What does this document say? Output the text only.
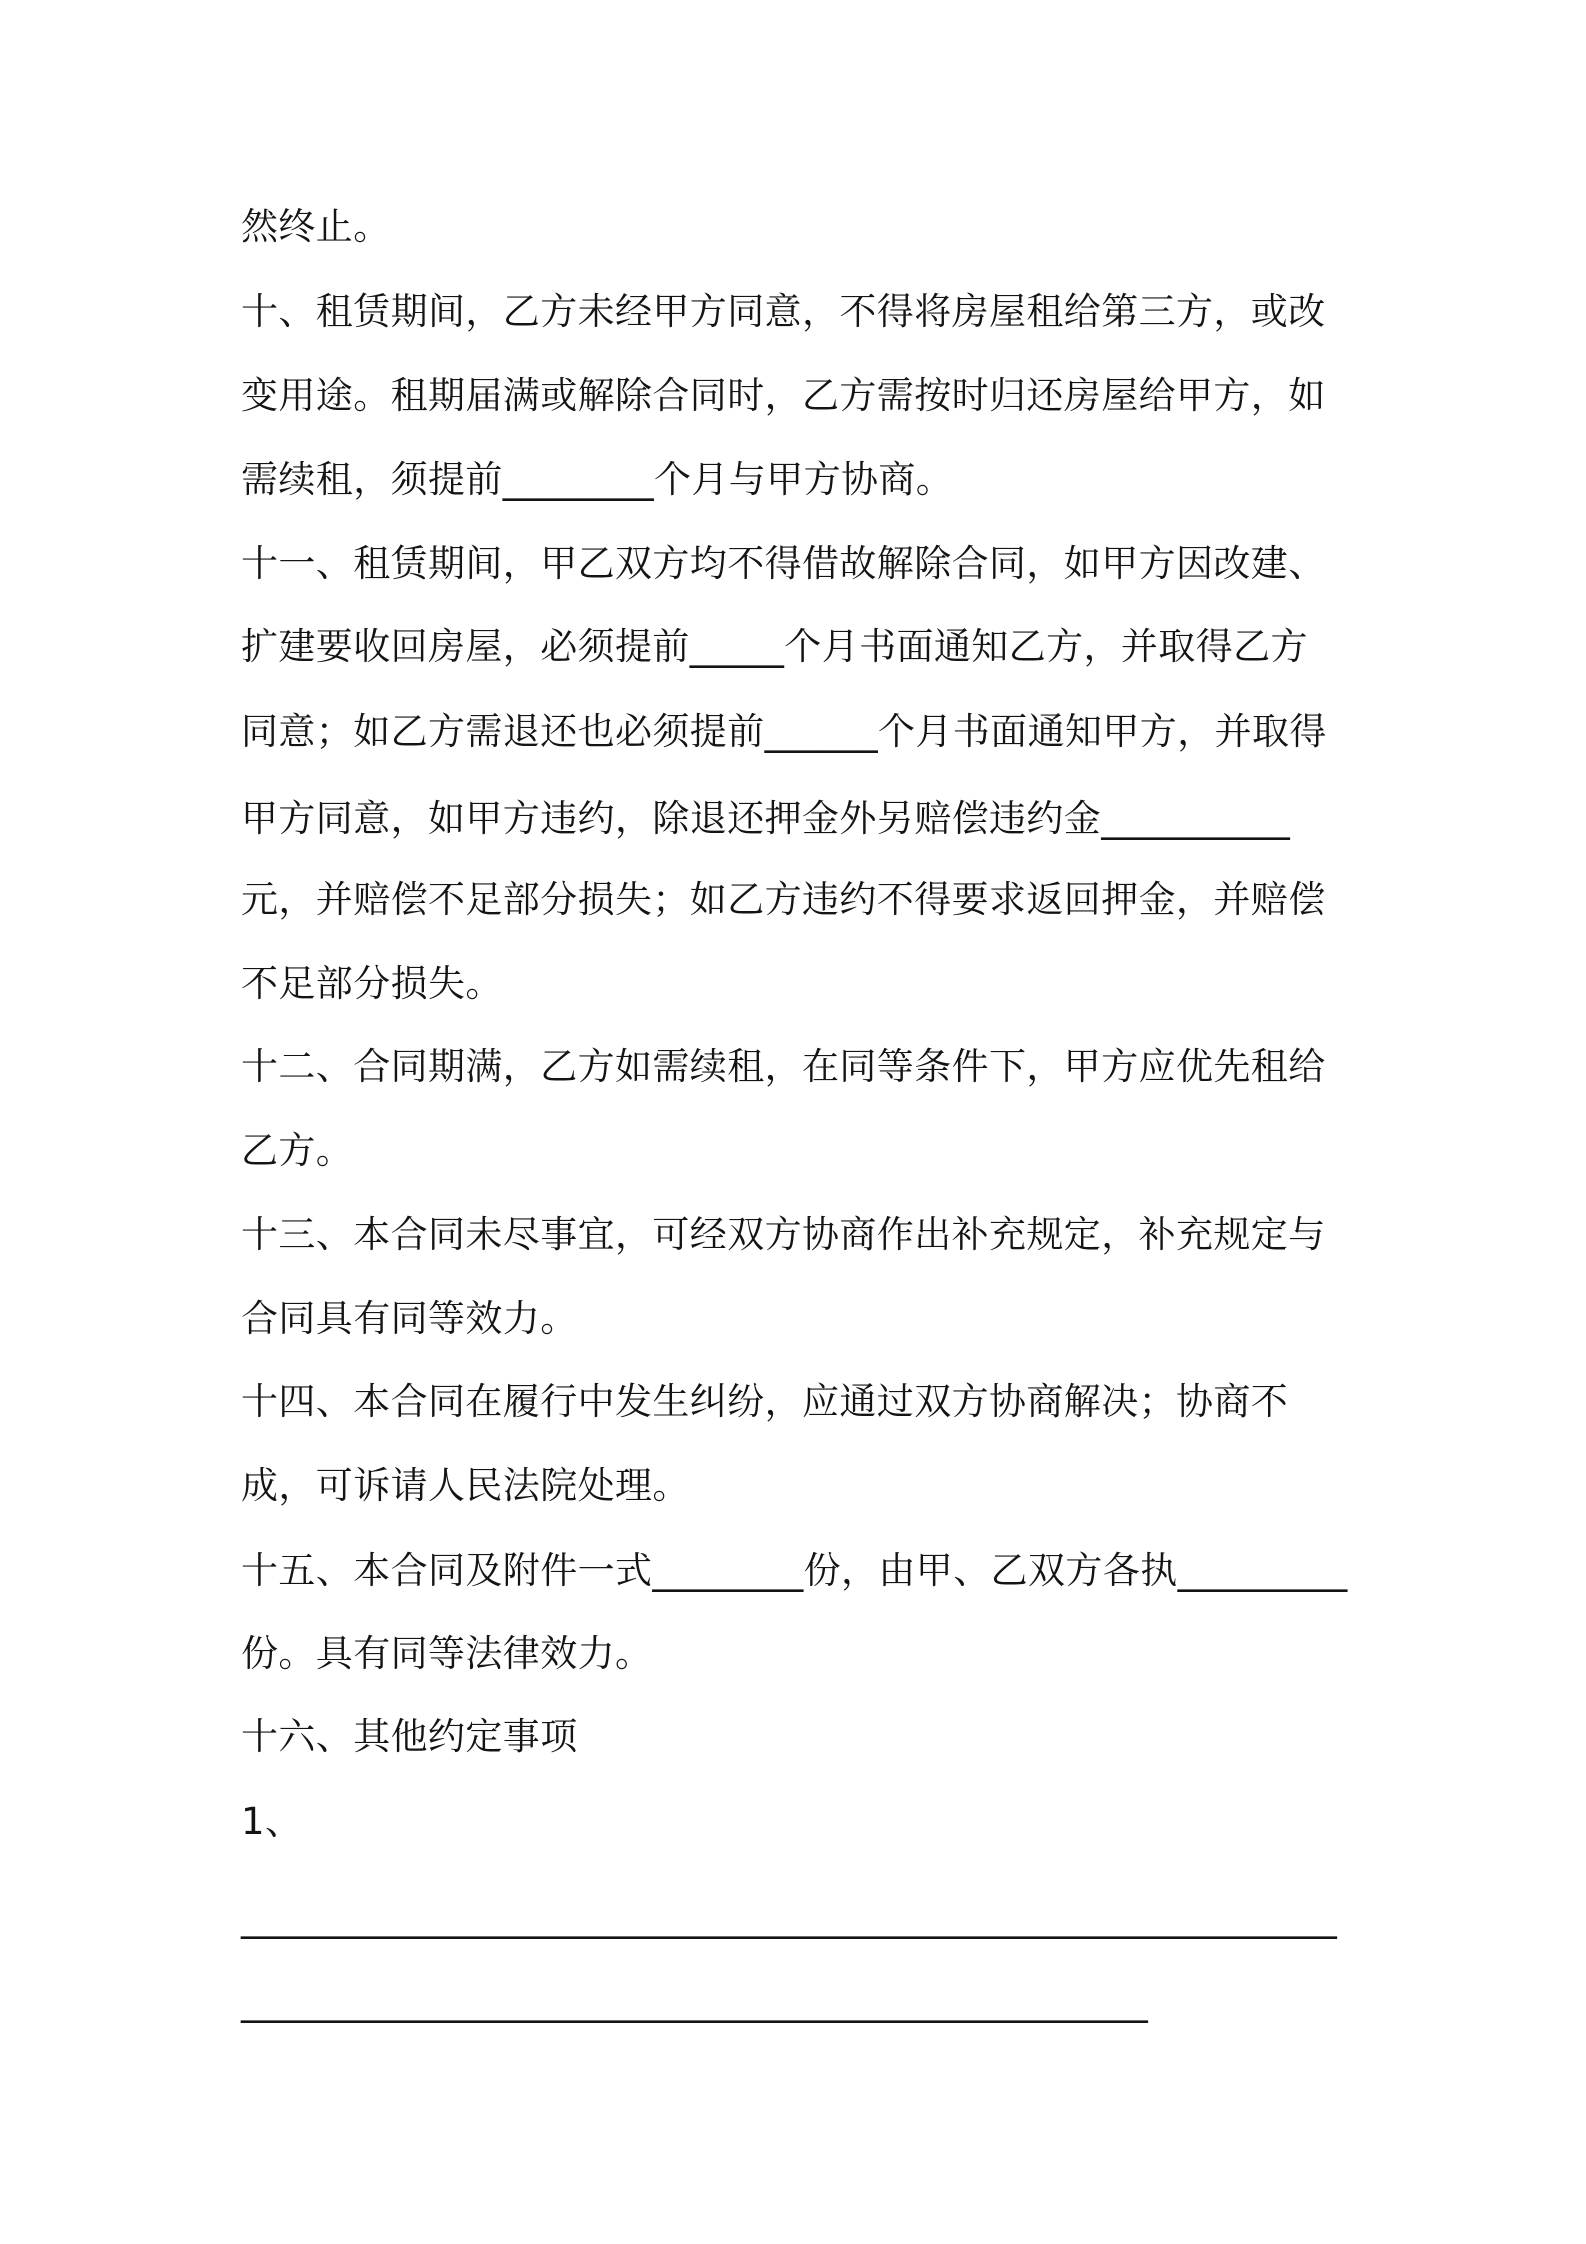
然终止。
十、租赁期间，乙方未经甲方同意，不得将房屋租给第三方，或改
变用途。租期届满或解除合同时，乙方需按时归还房屋给甲方，如
需续租，须提前________个月与甲方协商。
十一、租赁期间，甲乙双方均不得借故解除合同，如甲方因改建、
扩建要收回房屋，必须提前_____个月书面通知乙方，并取得乙方
同意；如乙方需退还也必须提前______个月书面通知甲方，并取得
甲方同意，如甲方违约，除退还押金外另赔偿违约金__________
元，并赔偿不足部分损失；如乙方违约不得要求返回押金，并赔偿
不足部分损失。
十二、合同期满，乙方如需续租，在同等条件下，甲方应优先租给
乙方。
十三、本合同未尽事宜，可经双方协商作出补充规定，补充规定与
合同具有同等效力。
十四、本合同在履行中发生纠纷，应通过双方协商解决；协商不
成，可诉请人民法院处理。
十五、本合同及附件一式________份，由甲、乙双方各执_________
份。具有同等法律效力。
十六、其他约定事项
1、
__________________________________________________________
________________________________________________
